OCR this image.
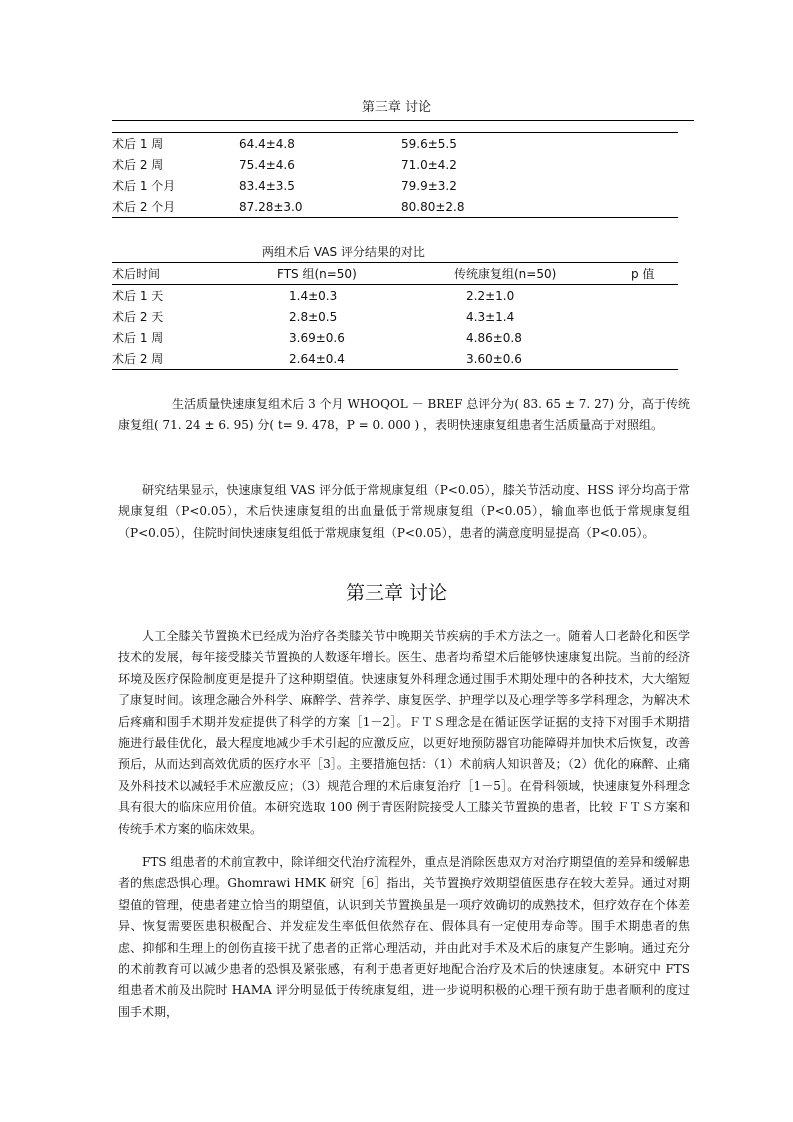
第三章 讨论
术后 1 周	64.4±4.8	59.6±5.5	
术后 2 周	75.4±4.6	71.0±4.2	
术后 1 个月	83.4±3.5	79.9±3.2	
术后 2 个月	87.28±3.0	80.80±2.8	
两组术后 VAS 评分结果的对比
术后时间	FTS 组(n=50)	传统康复组(n=50)	p 值
术后 1 天	1.4±0.3	2.2±1.0	
术后 2 天	2.8±0.5	4.3±1.4	
术后 1 周	3.69±0.6	4.86±0.8	
术后 2 周	2.64±0.4	3.60±0.6	

生活质量快速康复组术后 3 个月 WHOQOL － BREF 总评分为( 83. 65 ± 7. 27) 分，高于传统康复组( 71. 24 ± 6. 95) 分( t= 9. 478，P = 0. 000 ) ，表明快速康复组患者生活质量高于对照组。

研究结果显示，快速康复组 VAS 评分低于常规康复组（P<0.05），膝关节活动度、HSS 评分均高于常规康复组（P<0.05），术后快速康复组的出血量低于常规康复组（P<0.05），输血率也低于常规康复组（P<0.05），住院时间快速康复组低于常规康复组（P<0.05），患者的满意度明显提高（P<0.05）。

第三章 讨论

人工全膝关节置换术已经成为治疗各类膝关节中晚期关节疾病的手术方法之一。随着人口老龄化和医学技术的发展，每年接受膝关节置换的人数逐年增长。医生、患者均希望术后能够快速康复出院。当前的经济环境及医疗保险制度更是提升了这种期望值。快速康复外科理念通过围手术期处理中的各种技术，大大缩短了康复时间。该理念融合外科学、麻醉学、营养学、康复医学、护理学以及心理学等多学科理念，为解决术后疼痛和围手术期并发症提供了科学的方案［1－2］。ＦＴＳ理念是在循证医学证据的支持下对围手术期措施进行最佳优化，最大程度地减少手术引起的应激反应，以更好地预防器官功能障碍并加快术后恢复，改善预后，从而达到高效优质的医疗水平［3］。主要措施包括：（1）术前病人知识普及；（2）优化的麻醉、止痛及外科技术以减轻手术应激反应；（3）规范合理的术后康复治疗［1－5］。在骨科领域，快速康复外科理念具有很大的临床应用价值。本研究选取 100 例于青医附院接受人工膝关节置换的患者，比较 ＦＴＳ方案和传统手术方案的临床效果。

FTS 组患者的术前宣教中，除详细交代治疗流程外，重点是消除医患双方对治疗期望值的差异和缓解患者的焦虑恐惧心理。Ghomrawi HMK 研究［6］指出，关节置换疗效期望值医患存在较大差异。通过对期望值的管理，使患者建立恰当的期望值，认识到关节置换虽是一项疗效确切的成熟技术，但疗效存在个体差异、恢复需要医患积极配合、并发症发生率低但依然存在、假体具有一定使用寿命等。围手术期患者的焦虑、抑郁和生理上的创伤直接干扰了患者的正常心理活动，并由此对手术及术后的康复产生影响。通过充分的术前教育可以减少患者的恐惧及紧张感，有利于患者更好地配合治疗及术后的快速康复。本研究中 FTS 组患者术前及出院时 HAMA 评分明显低于传统康复组，进一步说明积极的心理干预有助于患者顺利的度过围手术期，
